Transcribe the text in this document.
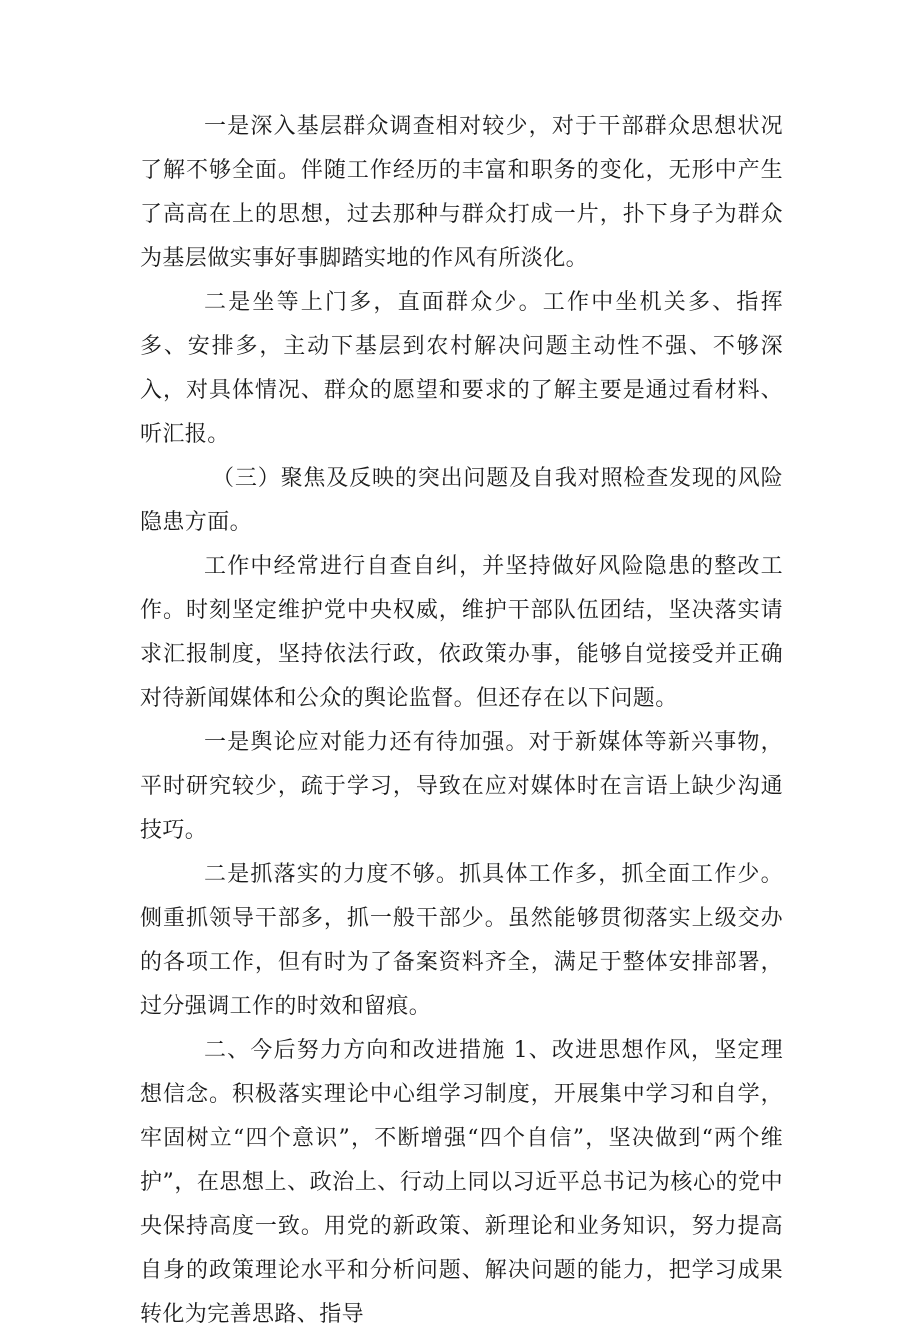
一是深入基层群众调查相对较少，对于干部群众思想状况了解不够全面。伴随工作经历的丰富和职务的变化，无形中产生了高高在上的思想，过去那种与群众打成一片，扑下身子为群众为基层做实事好事脚踏实地的作风有所淡化。

二是坐等上门多，直面群众少。工作中坐机关多、指挥多、安排多，主动下基层到农村解决问题主动性不强、不够深入，对具体情况、群众的愿望和要求的了解主要是通过看材料、听汇报。

（三）聚焦及反映的突出问题及自我对照检查发现的风险隐患方面。

工作中经常进行自查自纠，并坚持做好风险隐患的整改工作。时刻坚定维护党中央权威，维护干部队伍团结，坚决落实请求汇报制度，坚持依法行政，依政策办事，能够自觉接受并正确对待新闻媒体和公众的舆论监督。但还存在以下问题。

一是舆论应对能力还有待加强。对于新媒体等新兴事物，平时研究较少，疏于学习，导致在应对媒体时在言语上缺少沟通技巧。

二是抓落实的力度不够。抓具体工作多，抓全面工作少。侧重抓领导干部多，抓一般干部少。虽然能够贯彻落实上级交办的各项工作，但有时为了备案资料齐全，满足于整体安排部署，过分强调工作的时效和留痕。

二、今后努力方向和改进措施 1、改进思想作风，坚定理想信念。积极落实理论中心组学习制度，开展集中学习和自学，牢固树立“四个意识”，不断增强“四个自信”，坚决做到“两个维护”，在思想上、政治上、行动上同以习近平总书记为核心的党中央保持高度一致。用党的新政策、新理论和业务知识，努力提高自身的政策理论水平和分析问题、解决问题的能力，把学习成果转化为完善思路、指导
